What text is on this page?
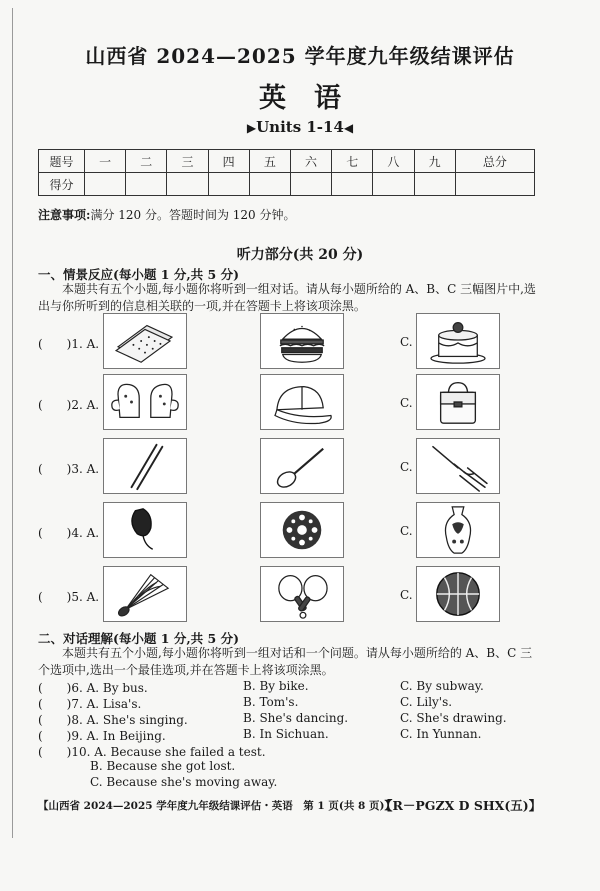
山西省 2024—2025 学年度九年级结课评估
英语
▶Units 1-14◀
题号	一	二	三	四	五	六	七	八	九	总分
得分										
注意事项:满分 120 分。答题时间为 120 分钟。
听力部分(共 20 分)
一、情景反应(每小题 1 分,共 5 分)
本题共有五个小题,每小题你将听到一组对话。请从每小题所给的 A、B、C 三幅图片中,选出与你所听到的信息相关联的一项,并在答题卡上将该项涂黑。
(　　)1. A.	C.
(　　)2. A.	C.
(　　)3. A.	C.
(　　)4. A.	C.
(　　)5. A.	C.
二、对话理解(每小题 1 分,共 5 分)
本题共有五个小题,每小题你将听到一组对话和一个问题。请从每小题所给的 A、B、C 三个选项中,选出一个最佳选项,并在答题卡上将该项涂黑。
(　　)6. A. By bus.	B. By bike.	C. By subway.
(　　)7. A. Lisa's.	B. Tom's.	C. Lily's.
(　　)8. A. She's singing.	B. She's dancing.	C. She's drawing.
(　　)9. A. In Beijing.	B. In Sichuan.	C. In Yunnan.
(　　)10. A. Because she failed a test.
B. Because she got lost.
C. Because she's moving away.
【山西省 2024—2025 学年度九年级结课评估・英语　第 1 页(共 8 页)】
【R－PGZX D SHX(五)】
